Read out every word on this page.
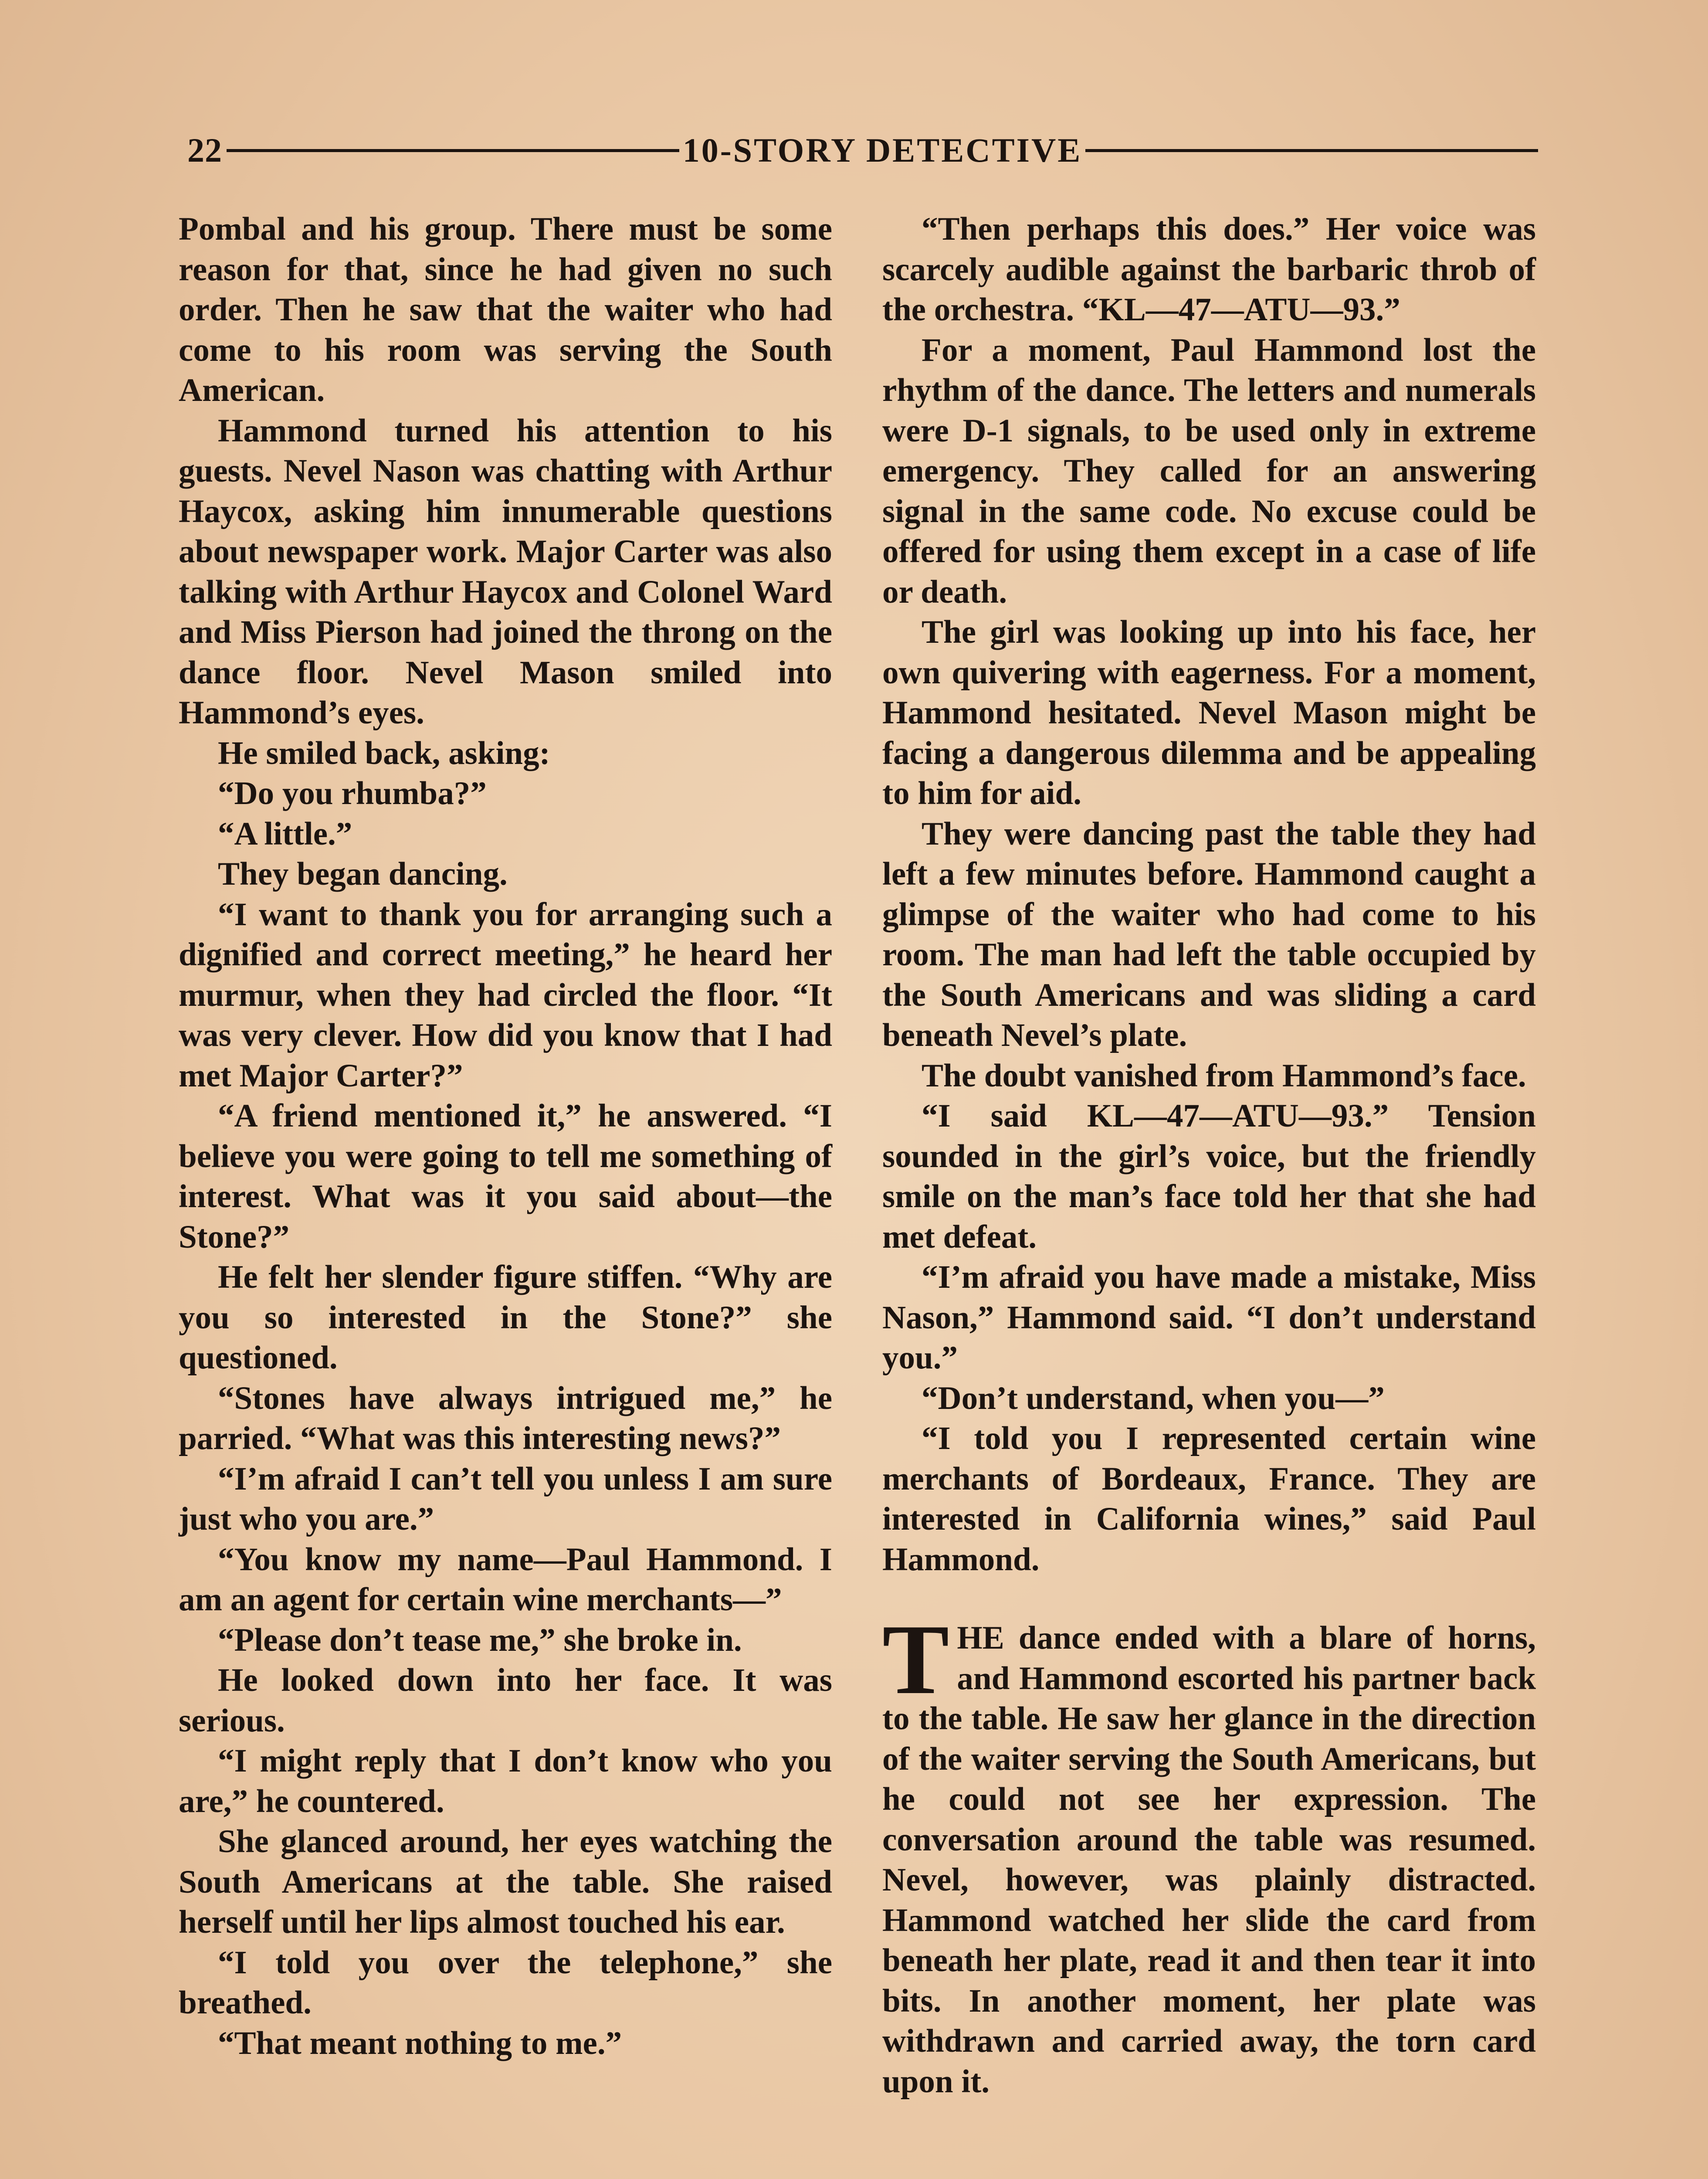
22	10-STORY DETECTIVE

Pombal and his group. There must be some reason for that, since he had given no such order. Then he saw that the waiter who had come to his room was serving the South American.

Hammond turned his attention to his guests. Nevel Nason was chatting with Arthur Haycox, asking him innumerable questions about newspaper work. Major Carter was also talking with Arthur Haycox and Colonel Ward and Miss Pierson had joined the throng on the dance floor. Nevel Mason smiled into Hammond’s eyes.

He smiled back, asking:

“Do you rhumba?”

“A little.”

They began dancing.

“I want to thank you for arranging such a dignified and correct meeting,” he heard her murmur, when they had circled the floor. “It was very clever. How did you know that I had met Major Carter?”

“A friend mentioned it,” he answered. “I believe you were going to tell me something of interest. What was it you said about—the Stone?”

He felt her slender figure stiffen. “Why are you so interested in the Stone?” she questioned.

“Stones have always intrigued me,” he parried. “What was this interesting news?”

“I’m afraid I can’t tell you unless I am sure just who you are.”

“You know my name—Paul Hammond. I am an agent for certain wine merchants—”

“Please don’t tease me,” she broke in.

He looked down into her face. It was serious.

“I might reply that I don’t know who you are,” he countered.

She glanced around, her eyes watching the South Americans at the table. She raised herself until her lips almost touched his ear.

“I told you over the telephone,” she breathed.

“That meant nothing to me.”

“Then perhaps this does.” Her voice was scarcely audible against the barbaric throb of the orchestra. “KL—47—ATU—93.”

For a moment, Paul Hammond lost the rhythm of the dance. The letters and numerals were D-1 signals, to be used only in extreme emergency. They called for an answering signal in the same code. No excuse could be offered for using them except in a case of life or death.

The girl was looking up into his face, her own quivering with eagerness. For a moment, Hammond hesitated. Nevel Mason might be facing a dangerous dilemma and be appealing to him for aid.

They were dancing past the table they had left a few minutes before. Hammond caught a glimpse of the waiter who had come to his room. The man had left the table occupied by the South Americans and was sliding a card beneath Nevel’s plate.

The doubt vanished from Hammond’s face.

“I said KL—47—ATU—93.” Tension sounded in the girl’s voice, but the friendly smile on the man’s face told her that she had met defeat.

“I’m afraid you have made a mistake, Miss Nason,” Hammond said. “I don’t understand you.”

“Don’t understand, when you—”

“I told you I represented certain wine merchants of Bordeaux, France. They are interested in California wines,” said Paul Hammond.

THE dance ended with a blare of horns, and Hammond escorted his partner back to the table. He saw her glance in the direction of the waiter serving the South Americans, but he could not see her expression. The conversation around the table was resumed. Nevel, however, was plainly distracted. Hammond watched her slide the card from beneath her plate, read it and then tear it into bits. In another moment, her plate was withdrawn and carried away, the torn card upon it.
